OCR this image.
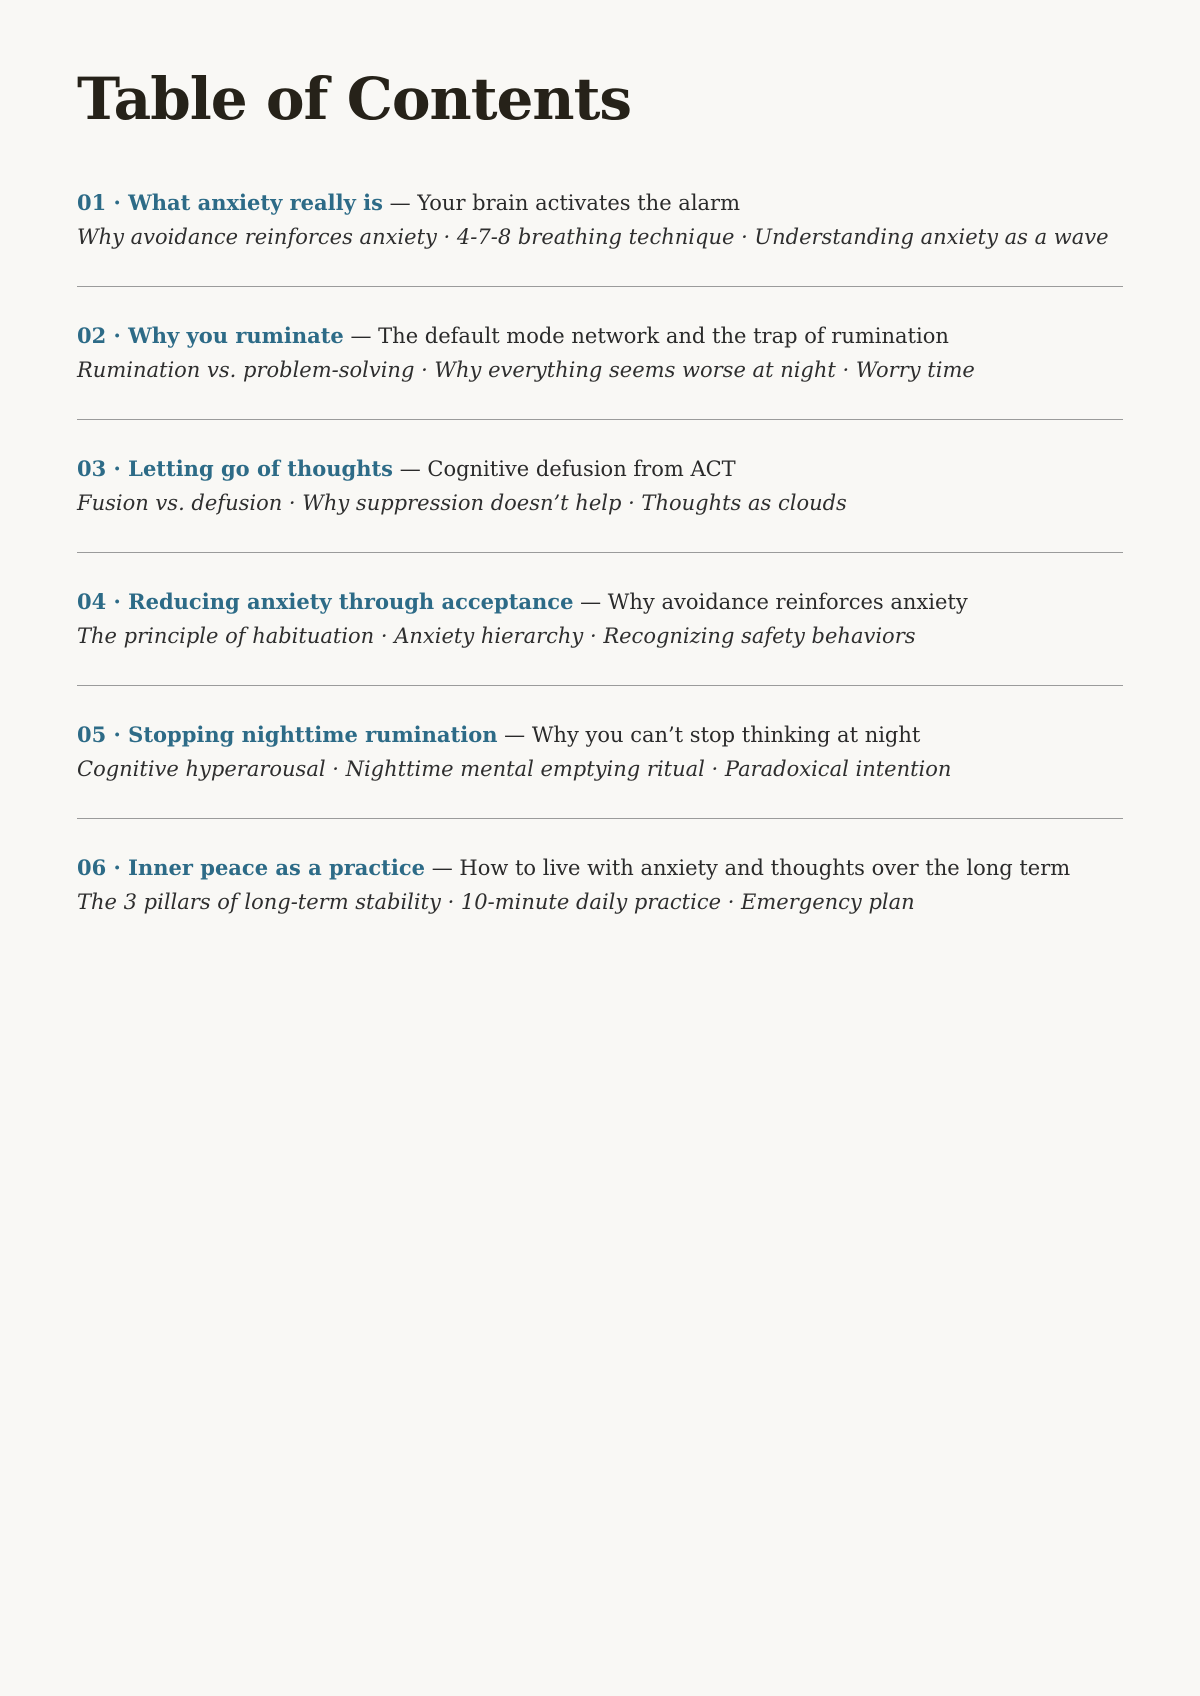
Table of Contents
01 · What anxiety really is — Your brain activates the alarm
Why avoidance reinforces anxiety · 4-7-8 breathing technique · Understanding anxiety as a wave
02 · Why you ruminate — The default mode network and the trap of rumination
Rumination vs. problem-solving · Why everything seems worse at night · Worry time
03 · Letting go of thoughts — Cognitive defusion from ACT
Fusion vs. defusion · Why suppression doesn’t help · Thoughts as clouds
04 · Reducing anxiety through acceptance — Why avoidance reinforces anxiety
The principle of habituation · Anxiety hierarchy · Recognizing safety behaviors
05 · Stopping nighttime rumination — Why you can’t stop thinking at night
Cognitive hyperarousal · Nighttime mental emptying ritual · Paradoxical intention
06 · Inner peace as a practice — How to live with anxiety and thoughts over the long term
The 3 pillars of long-term stability · 10-minute daily practice · Emergency plan
